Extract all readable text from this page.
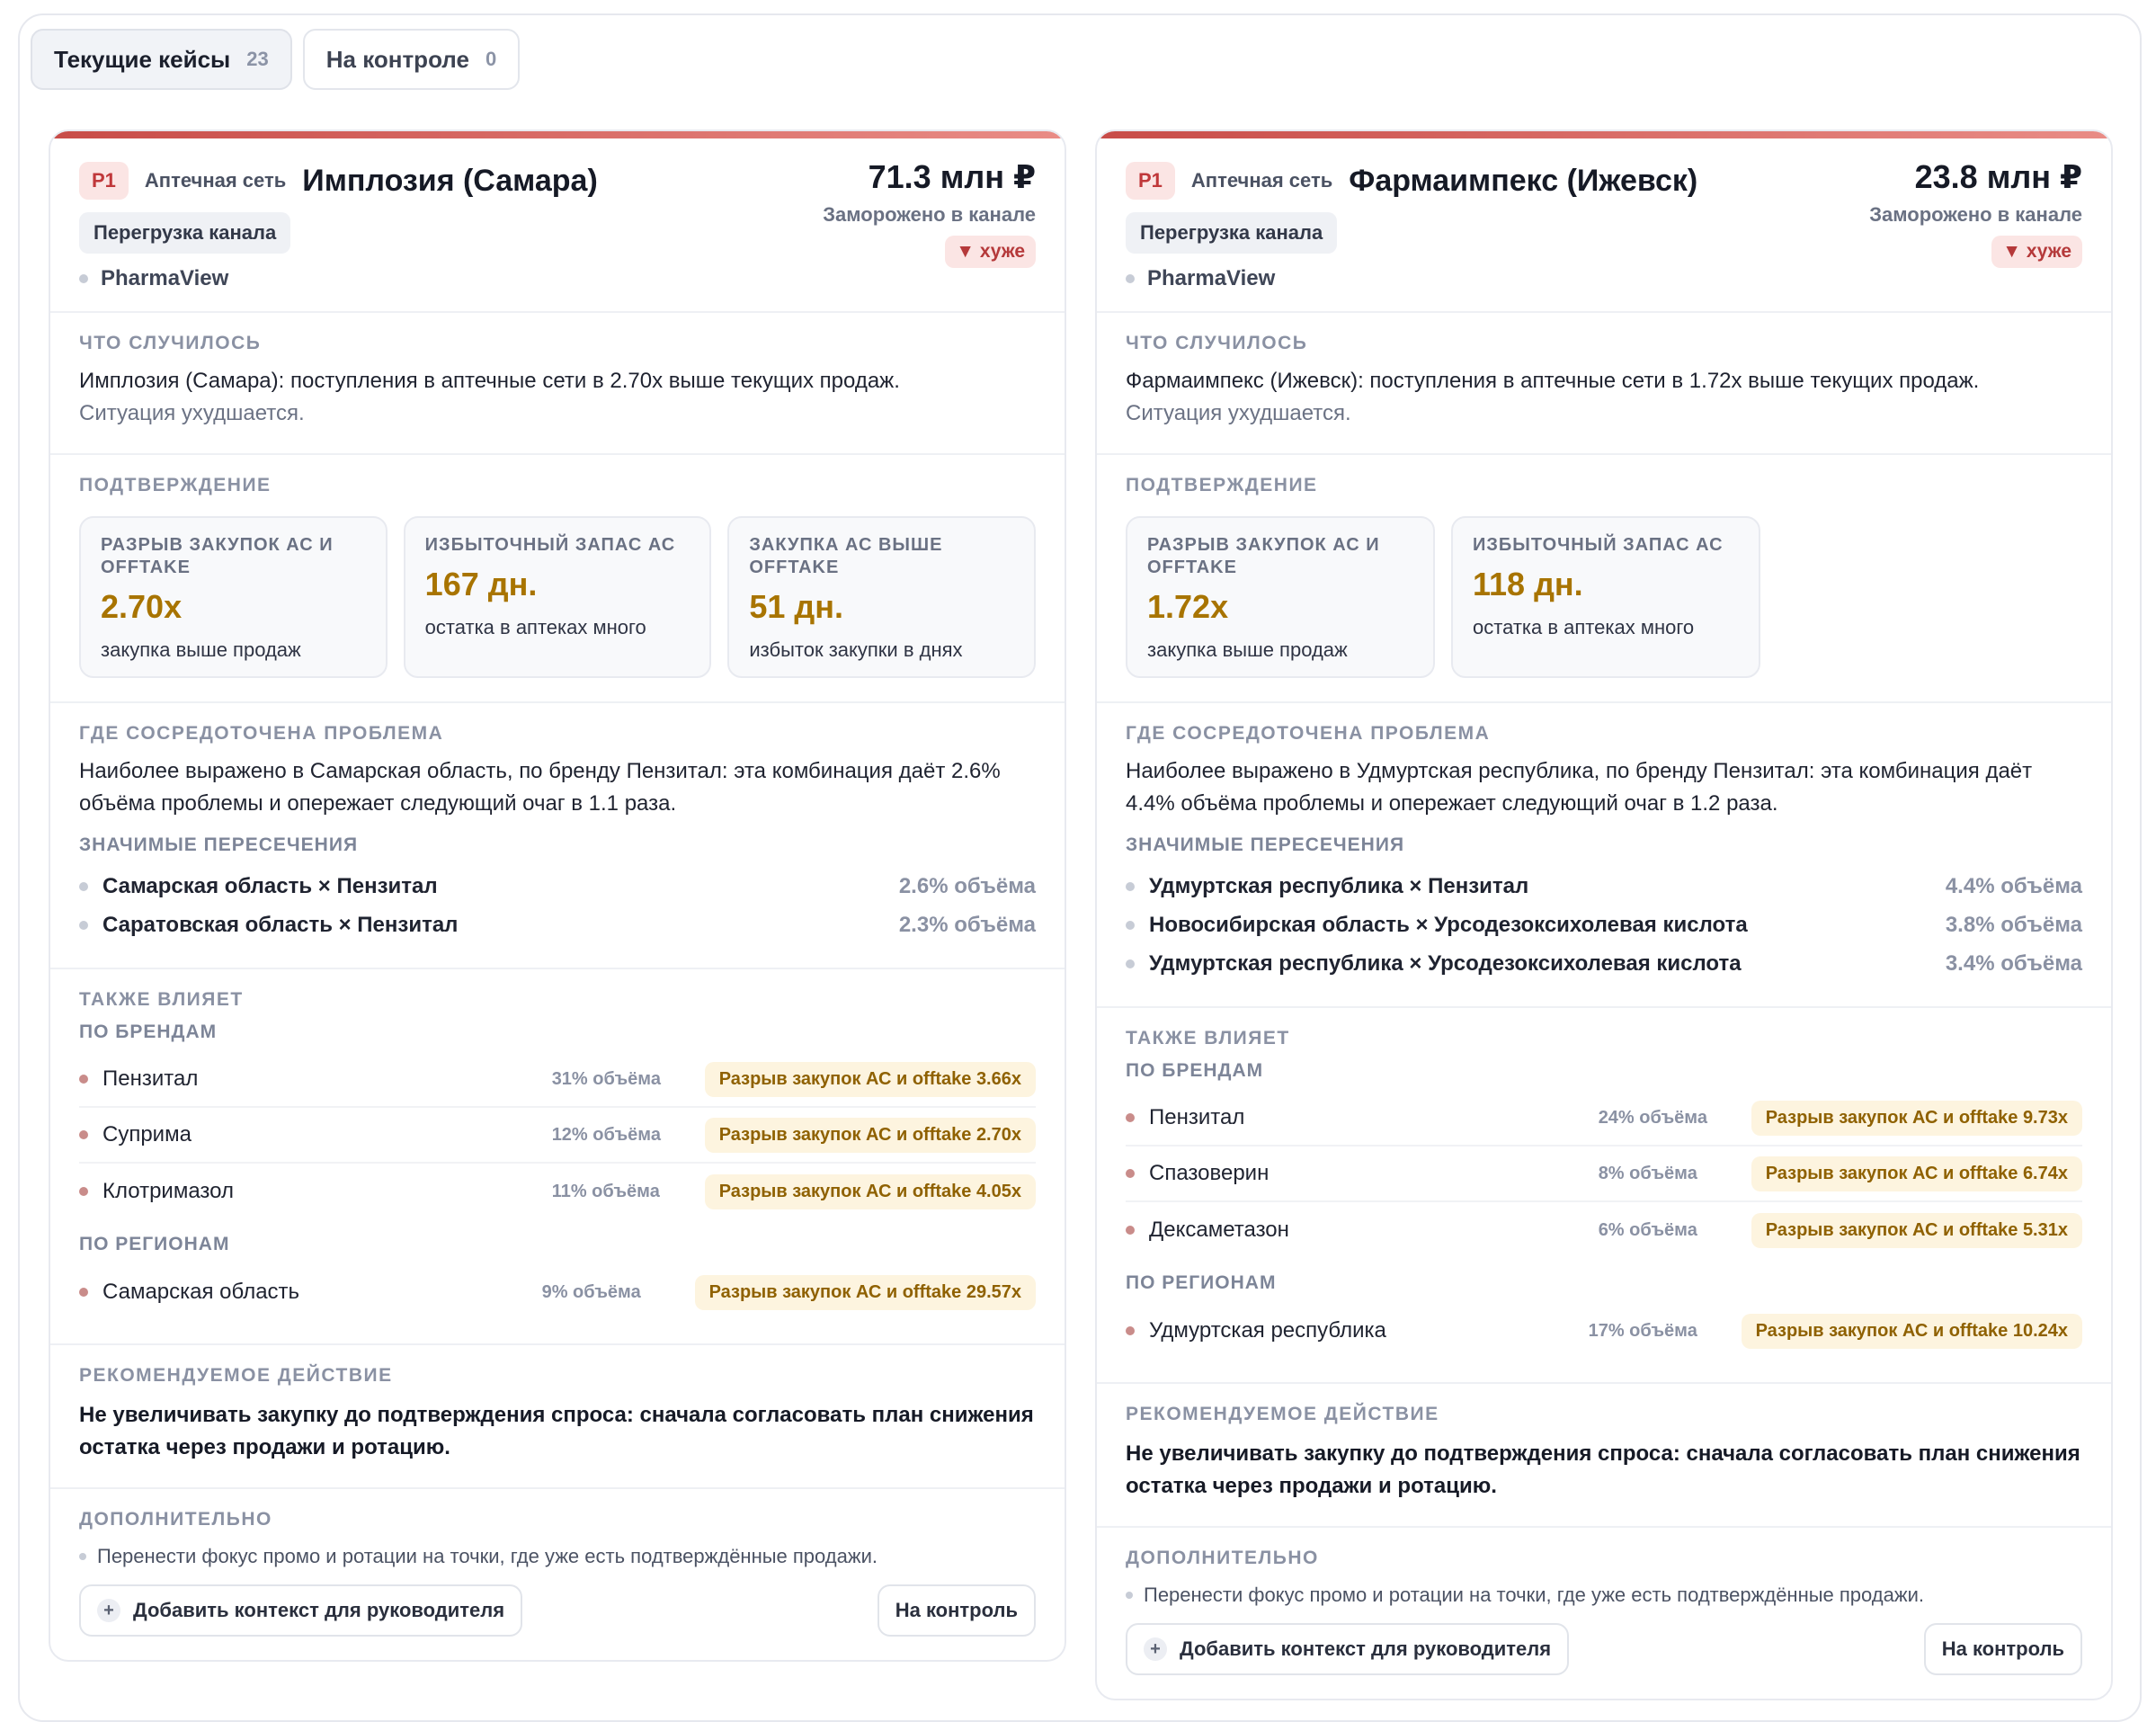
Текущие кейсы 23 На контроле 0
P1	Аптечная сеть Имплозия (Самара)	71.3 млн ₽
Заморожено в канале
▼ хуже
Перегрузка канала
PharmaView
ЧТО СЛУЧИЛОСЬ
Имплозия (Самара): поступления в аптечные сети в 2.70x выше текущих продаж.
Ситуация ухудшается.
ПОДТВЕРЖДЕНИЕ
РАЗРЫВ ЗАКУПОК АС И OFFTAKE
2.70x
закупка выше продаж
ИЗБЫТОЧНЫЙ ЗАПАС АС
167 дн.
остатка в аптеках много
ЗАКУПКА АС ВЫШЕ OFFTAKE
51 дн.
избыток закупки в днях
ГДЕ СОСРЕДОТОЧЕНА ПРОБЛЕМА
Наиболее выражено в Самарская область, по бренду Пензитал: эта комбинация даёт 2.6% объёма проблемы и опережает следующий очаг в 1.1 раза.
ЗНАЧИМЫЕ ПЕРЕСЕЧЕНИЯ
Самарская область × Пензитал	2.6% объёма
Саратовская область × Пензитал	2.3% объёма
ТАКЖЕ ВЛИЯЕТ
ПО БРЕНДАМ
Пензитал	31% объёма	Разрыв закупок АС и offtake 3.66x
Суприма	12% объёма	Разрыв закупок АС и offtake 2.70x
Клотримазол	11% объёма	Разрыв закупок АС и offtake 4.05x
ПО РЕГИОНАМ
Самарская область	9% объёма	Разрыв закупок АС и offtake 29.57x
РЕКОМЕНДУЕМОЕ ДЕЙСТВИЕ
Не увеличивать закупку до подтверждения спроса: сначала согласовать план снижения остатка через продажи и ротацию.
ДОПОЛНИТЕЛЬНО
Перенести фокус промо и ротации на точки, где уже есть подтверждённые продажи.
+ Добавить контекст для руководителя	На контроль
P1	Аптечная сеть Фармаимпекс (Ижевск)	23.8 млн ₽
Заморожено в канале
▼ хуже
Перегрузка канала
PharmaView
ЧТО СЛУЧИЛОСЬ
Фармаимпекс (Ижевск): поступления в аптечные сети в 1.72x выше текущих продаж.
Ситуация ухудшается.
ПОДТВЕРЖДЕНИЕ
РАЗРЫВ ЗАКУПОК АС И OFFTAKE
1.72x
закупка выше продаж
ИЗБЫТОЧНЫЙ ЗАПАС АС
118 дн.
остатка в аптеках много
ГДЕ СОСРЕДОТОЧЕНА ПРОБЛЕМА
Наиболее выражено в Удмуртская республика, по бренду Пензитал: эта комбинация даёт 4.4% объёма проблемы и опережает следующий очаг в 1.2 раза.
ЗНАЧИМЫЕ ПЕРЕСЕЧЕНИЯ
Удмуртская республика × Пензитал	4.4% объёма
Новосибирская область × Урсодезоксихолевая кислота	3.8% объёма
Удмуртская республика × Урсодезоксихолевая кислота	3.4% объёма
ТАКЖЕ ВЛИЯЕТ
ПО БРЕНДАМ
Пензитал	24% объёма	Разрыв закупок АС и offtake 9.73x
Спазоверин	8% объёма	Разрыв закупок АС и offtake 6.74x
Дексаметазон	6% объёма	Разрыв закупок АС и offtake 5.31x
ПО РЕГИОНАМ
Удмуртская республика	17% объёма	Разрыв закупок АС и offtake 10.24x
РЕКОМЕНДУЕМОЕ ДЕЙСТВИЕ
Не увеличивать закупку до подтверждения спроса: сначала согласовать план снижения остатка через продажи и ротацию.
ДОПОЛНИТЕЛЬНО
Перенести фокус промо и ротации на точки, где уже есть подтверждённые продажи.
+ Добавить контекст для руководителя	На контроль
